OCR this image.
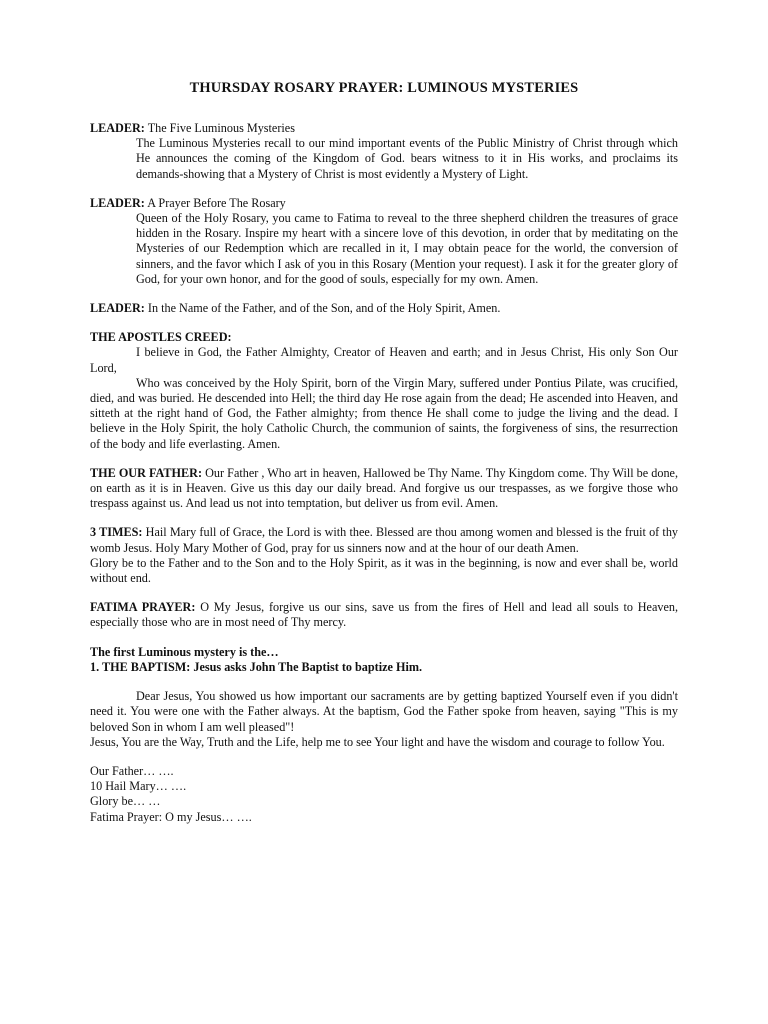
THURSDAY ROSARY PRAYER: LUMINOUS MYSTERIES
LEADER: The Five Luminous Mysteries
The Luminous Mysteries recall to our mind important events of the Public Ministry of Christ through which He announces the coming of the Kingdom of God. bears witness to it in His works, and proclaims its demands-showing that a Mystery of Christ is most evidently a Mystery of Light.
LEADER: A Prayer Before The Rosary
Queen of the Holy Rosary, you came to Fatima to reveal to the three shepherd children the treasures of grace hidden in the Rosary. Inspire my heart with a sincere love of this devotion, in order that by meditating on the Mysteries of our Redemption which are recalled in it, I may obtain peace for the world, the conversion of sinners, and the favor which I ask of you in this Rosary (Mention your request). I ask it for the greater glory of God, for your own honor, and for the good of souls, especially for my own. Amen.
LEADER: In the Name of the Father, and of the Son, and of the Holy Spirit, Amen.
THE APOSTLES CREED:
I believe in God, the Father Almighty, Creator of Heaven and earth; and in Jesus Christ, His only Son Our Lord,
Who was conceived by the Holy Spirit, born of the Virgin Mary, suffered under Pontius Pilate, was crucified, died, and was buried. He descended into Hell; the third day He rose again from the dead; He ascended into Heaven, and sitteth at the right hand of God, the Father almighty; from thence He shall come to judge the living and the dead. I believe in the Holy Spirit, the holy Catholic Church, the communion of saints, the forgiveness of sins, the resurrection of the body and life everlasting. Amen.
THE OUR FATHER: Our Father , Who art in heaven, Hallowed be Thy Name. Thy Kingdom come. Thy Will be done, on earth as it is in Heaven. Give us this day our daily bread. And forgive us our trespasses, as we forgive those who trespass against us. And lead us not into temptation, but deliver us from evil. Amen.
3 TIMES: Hail Mary full of Grace, the Lord is with thee. Blessed are thou among women and blessed is the fruit of thy womb Jesus. Holy Mary Mother of God, pray for us sinners now and at the hour of our death Amen.
Glory be to the Father and to the Son and to the Holy Spirit, as it was in the beginning, is now and ever shall be, world without end.
FATIMA PRAYER: O My Jesus, forgive us our sins, save us from the fires of Hell and lead all souls to Heaven, especially those who are in most need of Thy mercy.
The first Luminous mystery is the…
1. THE BAPTISM: Jesus asks John The Baptist to baptize Him.
Dear Jesus, You showed us how important our sacraments are by getting baptized Yourself even if you didn't need it. You were one with the Father always. At the baptism, God the Father spoke from heaven, saying "This is my beloved Son in whom I am well pleased"!
Jesus, You are the Way, Truth and the Life, help me to see Your light and have the wisdom and courage to follow You.
Our Father… ….
10 Hail Mary… ….
Glory be… …
Fatima Prayer: O my Jesus… ….
